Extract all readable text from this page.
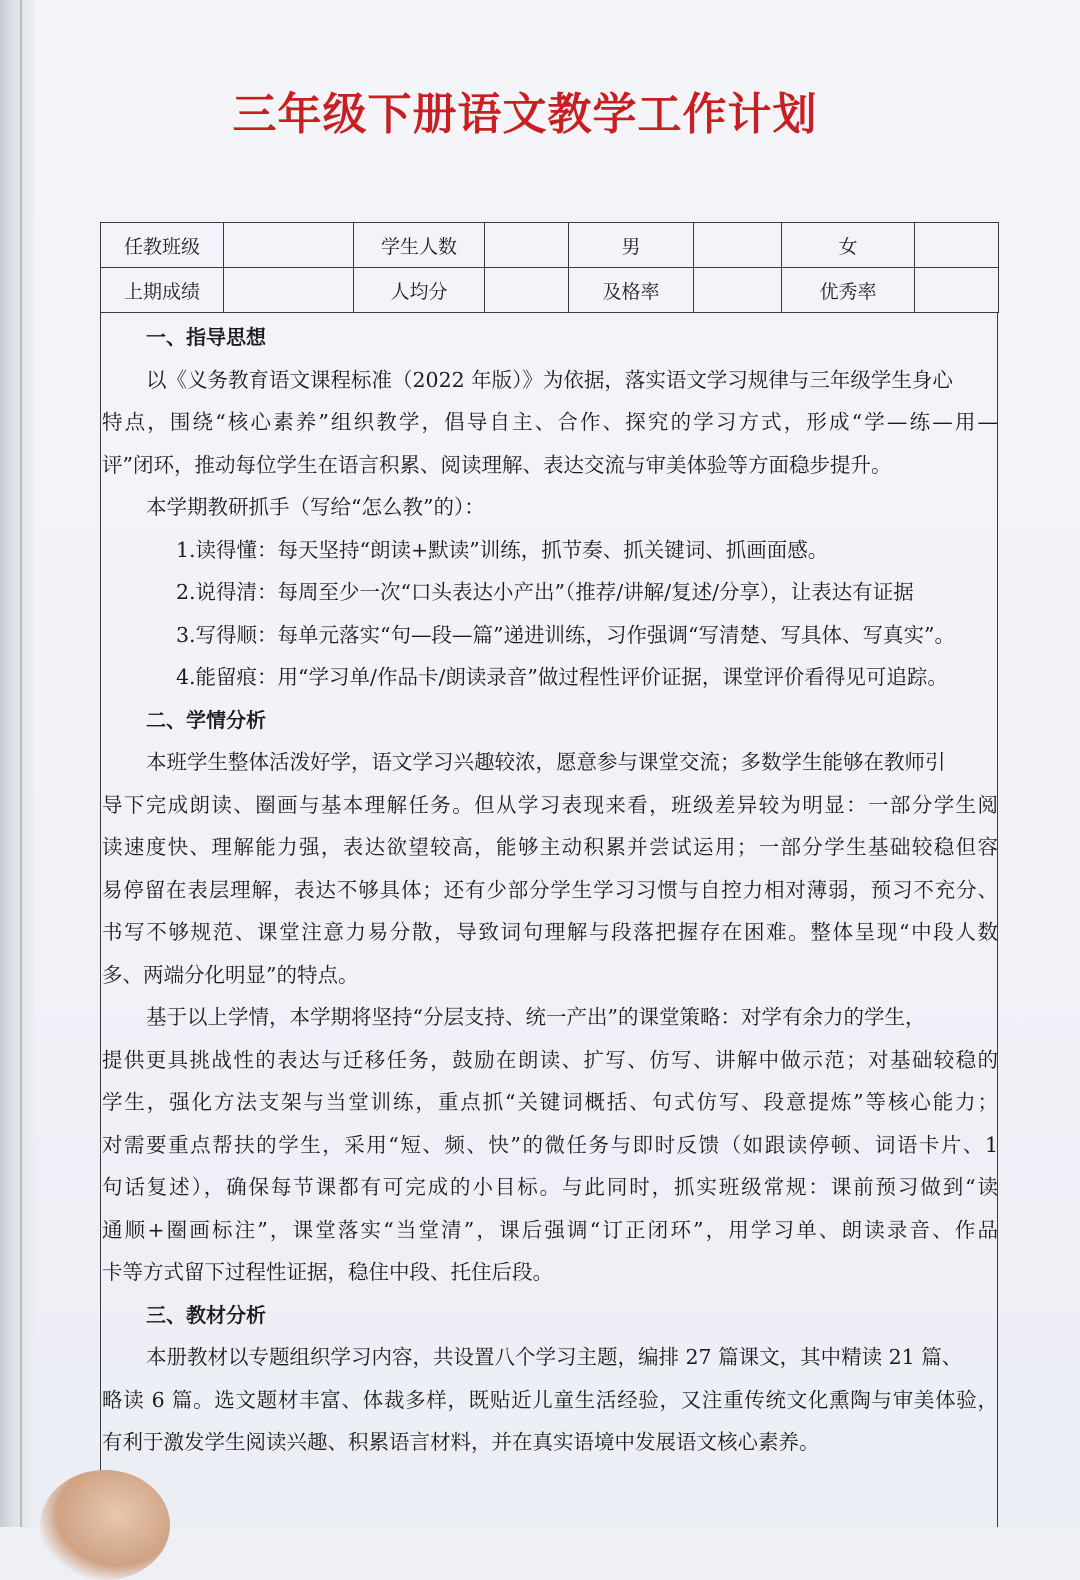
三年级下册语文教学工作计划
任教班级		学生人数		男		女	
上期成绩		人均分		及格率		优秀率	
一、指导思想
以《义务教育语文课程标准（2022 年版）》为依据，落实语文学习规律与三年级学生身心
特点，围绕“核心素养”组织教学，倡导自主、合作、探究的学习方式，形成“学—练—用—
评”闭环，推动每位学生在语言积累、阅读理解、表达交流与审美体验等方面稳步提升。
本学期教研抓手（写给“怎么教”的）：
1.读得懂：每天坚持“朗读+默读”训练，抓节奏、抓关键词、抓画面感。
2.说得清：每周至少一次“口头表达小产出”（推荐/讲解/复述/分享），让表达有证据
3.写得顺：每单元落实“句—段—篇”递进训练，习作强调“写清楚、写具体、写真实”。
4.能留痕：用“学习单/作品卡/朗读录音”做过程性评价证据，课堂评价看得见可追踪。
二、学情分析
本班学生整体活泼好学，语文学习兴趣较浓，愿意参与课堂交流；多数学生能够在教师引
导下完成朗读、圈画与基本理解任务。但从学习表现来看，班级差异较为明显：一部分学生阅
读速度快、理解能力强，表达欲望较高，能够主动积累并尝试运用；一部分学生基础较稳但容
易停留在表层理解，表达不够具体；还有少部分学生学习习惯与自控力相对薄弱，预习不充分、
书写不够规范、课堂注意力易分散，导致词句理解与段落把握存在困难。整体呈现“中段人数
多、两端分化明显”的特点。
基于以上学情，本学期将坚持“分层支持、统一产出”的课堂策略：对学有余力的学生，
提供更具挑战性的表达与迁移任务，鼓励在朗读、扩写、仿写、讲解中做示范；对基础较稳的
学生，强化方法支架与当堂训练，重点抓“关键词概括、句式仿写、段意提炼”等核心能力；
对需要重点帮扶的学生，采用“短、频、快”的微任务与即时反馈（如跟读停顿、词语卡片、1
句话复述），确保每节课都有可完成的小目标。与此同时，抓实班级常规：课前预习做到“读
通顺+圈画标注”，课堂落实“当堂清”，课后强调“订正闭环”，用学习单、朗读录音、作品
卡等方式留下过程性证据，稳住中段、托住后段。
三、教材分析
本册教材以专题组织学习内容，共设置八个学习主题，编排 27 篇课文，其中精读 21 篇、
略读 6 篇。选文题材丰富、体裁多样，既贴近儿童生活经验，又注重传统文化熏陶与审美体验，
有利于激发学生阅读兴趣、积累语言材料，并在真实语境中发展语文核心素养。
